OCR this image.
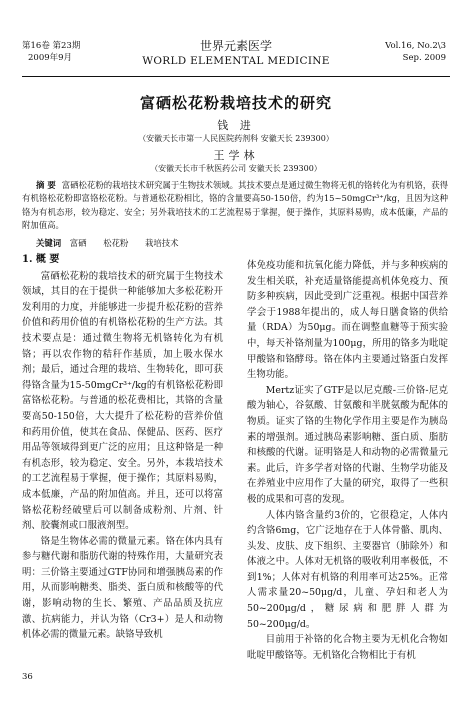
第16卷 第23期
2009年9月
世界元素医学
WORLD ELEMENTAL MEDICINE
Vol.16, No.2\3
Sep. 2009
富硒松花粉栽培技术的研究
钱 进
（安徽天长市第一人民医院药剂科 安徽天长 239300）
王学林
（安徽天长市千秋医药公司 安徽天长 239300）
摘 要 富硒松花粉的栽培技术研究属于生物技术领域。其技术要点是通过微生物将无机的铬转化为有机铬，获得有机铬松花粉即富铬松花粉。与普通松花粉相比，铬的含量要高50-150倍，约为15~50mgCr³⁺/kg，且因为这种铬为有机态形，较为稳定、安全；另外栽培技术的工艺流程易于掌握，便于操作，其原料易购，成本低廉，产品的附加值高。
关键词 富硒 松花粉 栽培技术
1. 概 要

富硒松花粉的栽培技术的研究属于生物技术领域，其目的在于提供一种能够加大多松花粉开发利用的力度，并能够进一步提升松花粉的营养价值和药用价值的有机铬松花粉的生产方法。其技术要点是：通过微生物将无机铬转化为有机铬；再以农作物的秸秆作基质，加上吸水保水剂；最后，通过合理的栽培、生物转化，即可获得铬含量为15-50mgCr³⁺/kg的有机铬松花粉即富铬松花粉。与普通的松花费相比，其铬的含量要高50-150倍，大大提升了松花粉的营养价值和药用价值，使其在食品、保健品、医药、医疗用品等领域得到更广泛的应用；且这种铬是一种有机态形，较为稳定、安全。另外，本栽培技术的工艺流程易于掌握，便于操作；其原料易购，成本低廉，产品的附加值高。并且，还可以将富铬松花粉经破壁后可以制备成粉剂、片剂、针剂、胶囊剂或口服液剂型。

铬是生物体必需的微量元素。铬在体内具有参与糖代谢和脂肪代谢的特殊作用，大量研究表明：三价铬主要通过GTF协同和增强胰岛素的作用，从而影响糖类、脂类、蛋白质和核酸等的代谢，影响动物的生长、繁殖、产品品质及抗应激、抗病能力，并认为铬（Cr3+）是人和动物机体必需的微量元素。缺铬导致机

体免疫功能和抗氧化能力降低，并与多种疾病的发生相关联，补充适量铬能提高机体免疫力、预防多种疾病，因此受到广泛重视。根据中国营养学会于1988年提出的，成人每日膳食铬的供给量（RDA）为50μg。而在调整血糖等于预实验中，每天补铬剂量为100μg，所用的铬多为吡啶甲酸铬和铬酵母。铬在体内主要通过铬蛋白发挥生物功能。

Mertz证实了GTF是以尼克酸-三价铬-尼克酸为轴心，谷氨酸、甘氨酸和半胱氨酸为配体的物质。证实了铬的生物化学作用主要是作为胰岛素的增强剂。通过胰岛素影响糖、蛋白质、脂肪和核酸的代谢。证明铬是人和动物的必需微量元素。此后，许多学者对铬的代谢、生物学功能及在养殖业中应用作了大量的研究，取得了一些积极的成果和可喜的发现。

人体内铬含量约3价的，它很稳定，人体内约含铬6mg，它广泛地存在于人体骨骼、肌肉、头发、皮肤、皮下组织、主要器官（肺除外）和体液之中。人体对无机铬的吸收利用率极低，不到1%；人体对有机铬的利用率可达25%。正常人需求量20~50μg/d，儿童、孕妇和老人为50~200μg/d，糖尿病和肥胖人群为50~200μg/d。

目前用于补铬的化合物主要为无机化合物如吡啶甲酸铬等。无机铬化合物相比于有机

36
